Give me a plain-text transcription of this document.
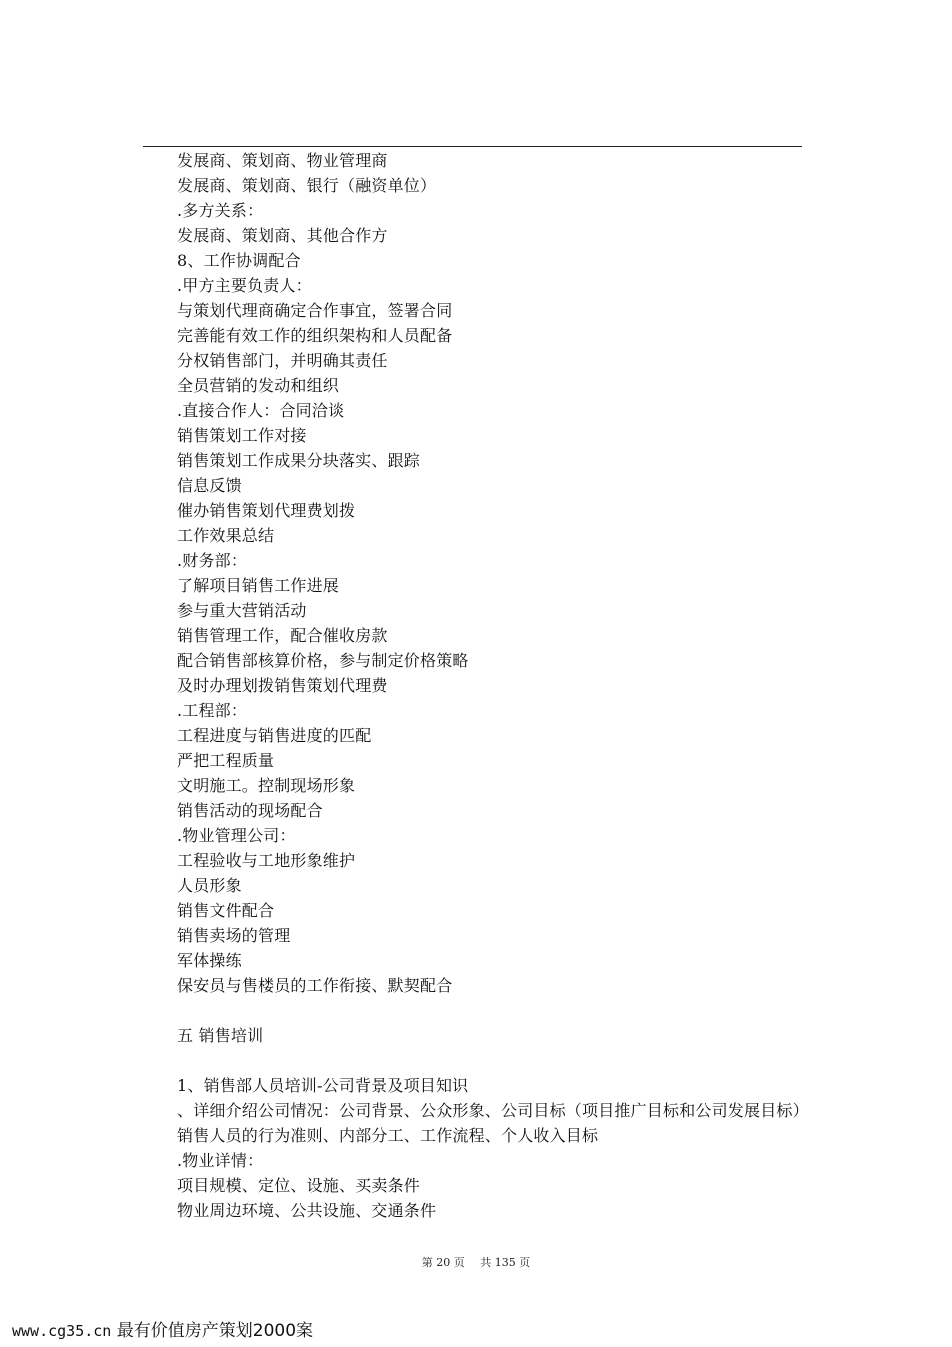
发展商、策划商、物业管理商
发展商、策划商、银行（融资单位）
.多方关系：
发展商、策划商、其他合作方
8、工作协调配合
.甲方主要负责人：
与策划代理商确定合作事宜，签署合同
完善能有效工作的组织架构和人员配备
分权销售部门，并明确其责任
全员营销的发动和组织
.直接合作人：合同洽谈
销售策划工作对接
销售策划工作成果分块落实、跟踪
信息反馈
催办销售策划代理费划拨
工作效果总结
.财务部：
了解项目销售工作进展
参与重大营销活动
销售管理工作，配合催收房款
配合销售部核算价格，参与制定价格策略
及时办理划拨销售策划代理费
.工程部：
工程进度与销售进度的匹配
严把工程质量
文明施工。控制现场形象
销售活动的现场配合
.物业管理公司：
工程验收与工地形象维护
人员形象
销售文件配合
销售卖场的管理
军体操练
保安员与售楼员的工作衔接、默契配合
五 销售培训
1、销售部人员培训-公司背景及项目知识
、详细介绍公司情况：公司背景、公众形象、公司目标（项目推广目标和公司发展目标）
销售人员的行为准则、内部分工、工作流程、个人收入目标
.物业详情：
项目规模、定位、设施、买卖条件
物业周边环境、公共设施、交通条件
第 20 页 共 135 页
www.cg35.cn 最有价值房产策划2000案
